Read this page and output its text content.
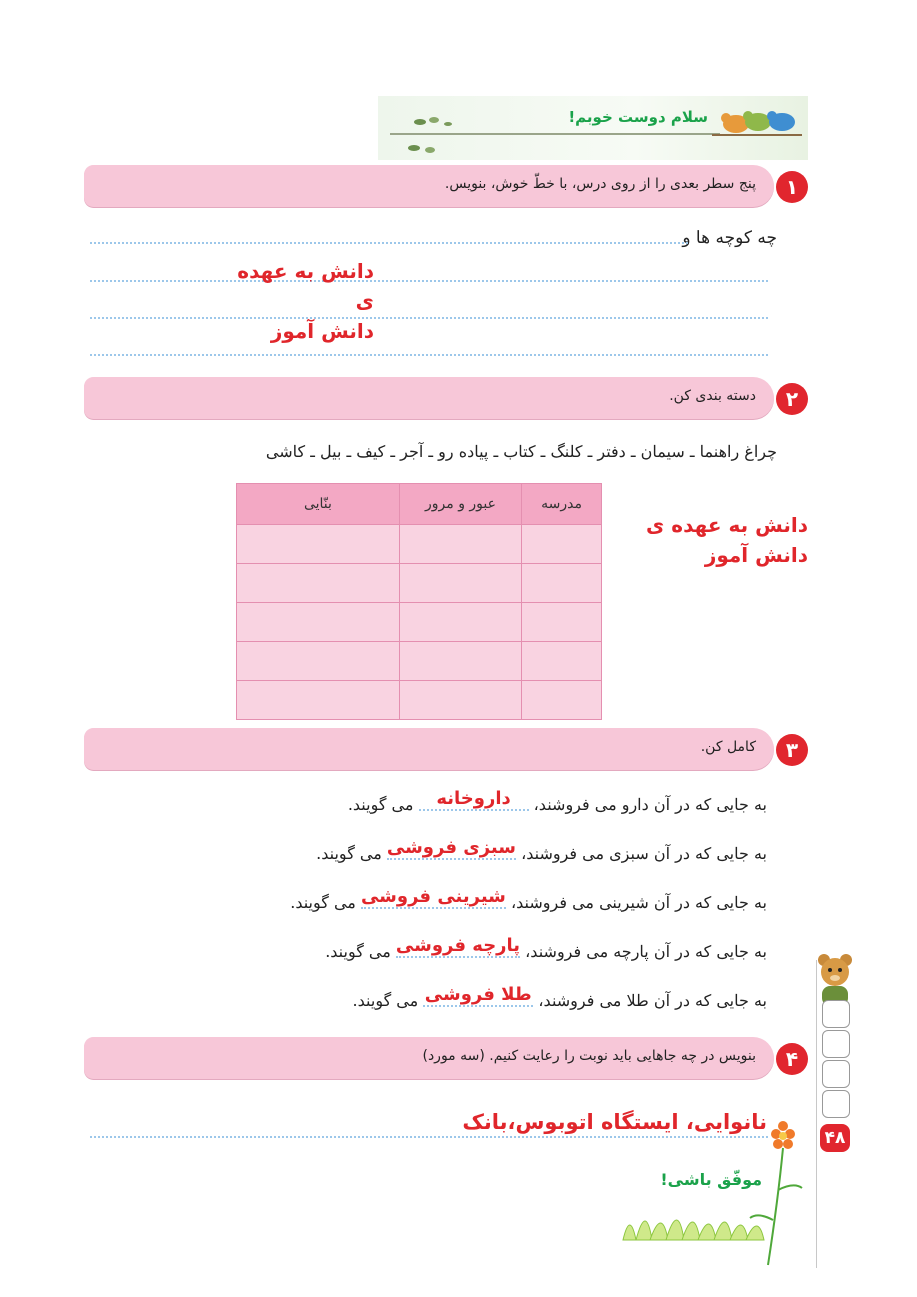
سلام دوست خوبم!
پنج سطر بعدی را از روی درس، با خطّ خوش، بنویس.	۱
چه کوچه ها و
دانش به عهده ی
دانش آموز
دسته بندی کن.	۲
چراغ راهنما ـ سیمان ـ دفتر ـ کلنگ ـ کتاب ـ پیاده رو ـ آجر ـ کیف ـ بیل ـ کاشی
بنّایی	عبور و مرور	مدرسه

دانش به عهده ی
دانش آموز
کامل کن.	۳
به جایی که در آن دارو می فروشند، داروخانه می گویند.
به جایی که در آن سبزی می فروشند، سبزی فروشی می گویند.
به جایی که در آن شیرینی می فروشند، شیرینی فروشی می گویند.
به جایی که در آن پارچه می فروشند، پارچه فروشی می گویند.
به جایی که در آن طلا می فروشند، طلا فروشی می گویند.
۴۸
بنویس در چه جاهایی باید نوبت را رعایت کنیم. (سه مورد)	۴
نانوایی، ایستگاه اتوبوس،بانک
موفّق باشی!
